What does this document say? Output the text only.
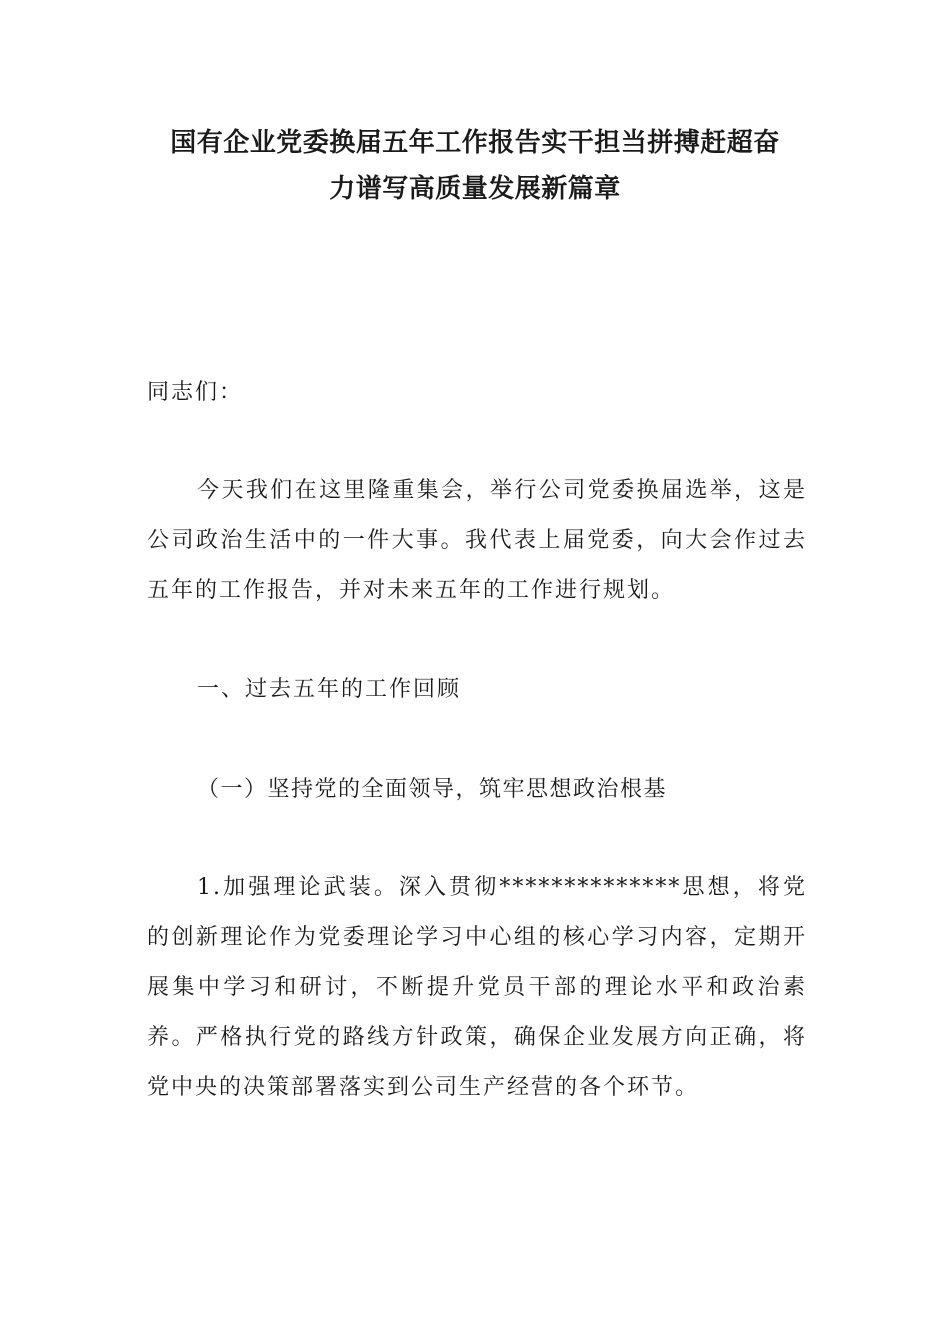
国有企业党委换届五年工作报告实干担当拼搏赶超奋
力谱写高质量发展新篇章

同志们：

今天我们在这里隆重集会，举行公司党委换届选举，这是公司政治生活中的一件大事。我代表上届党委，向大会作过去五年的工作报告，并对未来五年的工作进行规划。

一、过去五年的工作回顾

（一）坚持党的全面领导，筑牢思想政治根基

1.加强理论武装。深入贯彻**************思想，将党的创新理论作为党委理论学习中心组的核心学习内容，定期开展集中学习和研讨，不断提升党员干部的理论水平和政治素养。严格执行党的路线方针政策，确保企业发展方向正确，将党中央的决策部署落实到公司生产经营的各个环节。
